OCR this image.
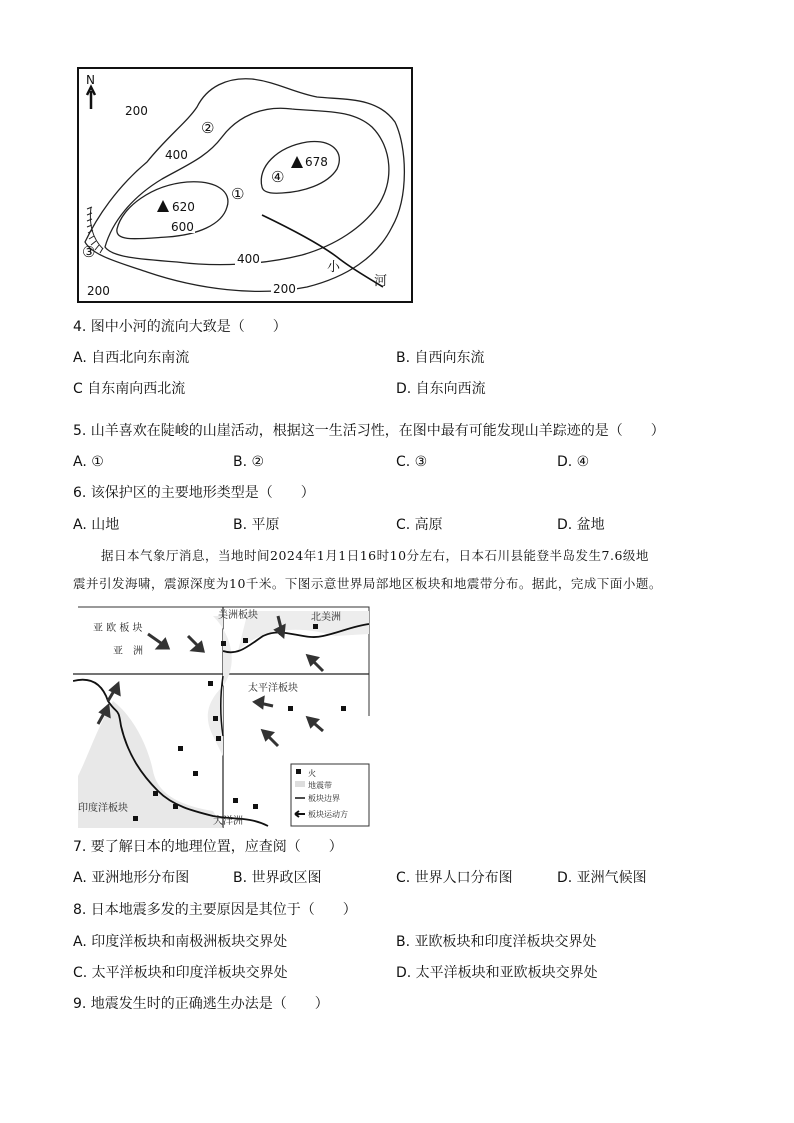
N
200
400
600
400
200
200
620
678
①
②
③
④
小
河
4. 图中小河的流向大致是（　　）
A. 自西北向东南流	B. 自西向东流
C 自东南向西北流	D. 自东向西流
5. 山羊喜欢在陡峻的山崖活动，根据这一生活习性，在图中最有可能发现山羊踪迹的是（　　）
A. ①	B. ②	C. ③	D. ④
6. 该保护区的主要地形类型是（　　）
A. 山地	B. 平原	C. 高原	D. 盆地

据日本气象厅消息，当地时间2024年1月1日16时10分左右，日本石川县能登半岛发生7.6级地

震并引发海啸，震源深度为10千米。下图示意世界局部地区板块和地震带分布。据此，完成下面小题。

亚 欧 板 块
亚　洲
美洲板块	北美洲
太平洋板块
印度洋板块
大洋洲
火
地震带
板块边界
板块运动方
7. 要了解日本的地理位置，应查阅（　　）
A. 亚洲地形分布图	B. 世界政区图	C. 世界人口分布图	D. 亚洲气候图
8. 日本地震多发的主要原因是其位于（　　）
A. 印度洋板块和南极洲板块交界处	B. 亚欧板块和印度洋板块交界处
C. 太平洋板块和印度洋板块交界处	D. 太平洋板块和亚欧板块交界处
9. 地震发生时的正确逃生办法是（　　）
